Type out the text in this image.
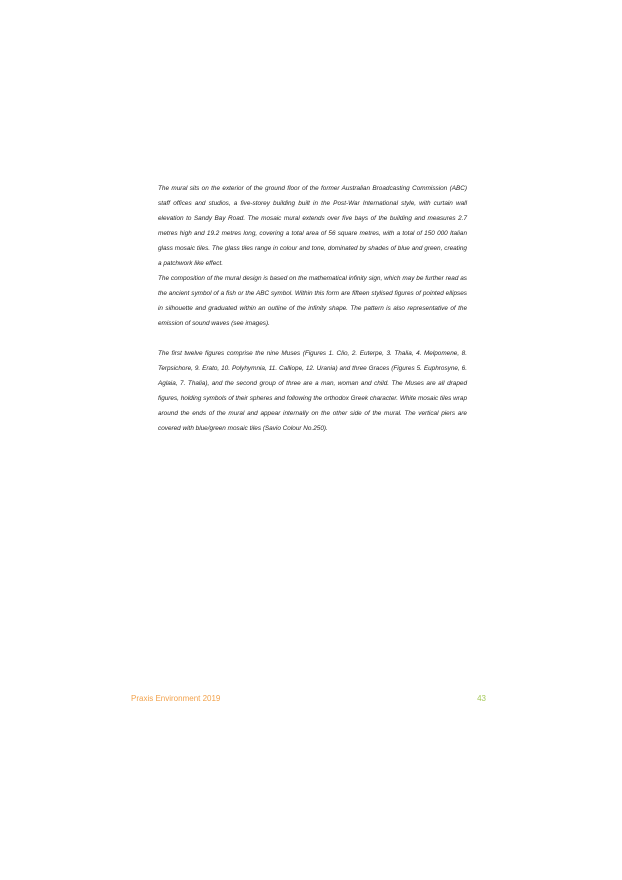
The mural sits on the exterior of the ground floor of the former Australian Broadcasting Commission (ABC) staff offices and studios, a five-storey building built in the Post-War International style, with curtain wall elevation to Sandy Bay Road. The mosaic mural extends over five bays of the building and measures 2.7 metres high and 19.2 metres long, covering a total area of 56 square metres, with a total of 150 000 Italian glass mosaic tiles. The glass tiles range in colour and tone, dominated by shades of blue and green, creating a patchwork like effect.

The composition of the mural design is based on the mathematical infinity sign, which may be further read as the ancient symbol of a fish or the ABC symbol. Within this form are fifteen stylised figures of pointed ellipses in silhouette and graduated within an outline of the infinity shape. The pattern is also representative of the emission of sound waves (see images).

The first twelve figures comprise the nine Muses (Figures 1. Clio, 2. Euterpe, 3. Thalia, 4. Melpomene, 8. Terpsichore, 9. Erato, 10. Polyhymnia, 11. Calliope, 12. Urania) and three Graces (Figures 5. Euphrosyne, 6. Aglaia, 7. Thalia), and the second group of three are a man, woman and child. The Muses are all draped figures, holding symbols of their spheres and following the orthodox Greek character. White mosaic tiles wrap around the ends of the mural and appear internally on the other side of the mural. The vertical piers are covered with blue/green mosaic tiles (Savio Colour No.250).

Praxis Environment 2019	43
